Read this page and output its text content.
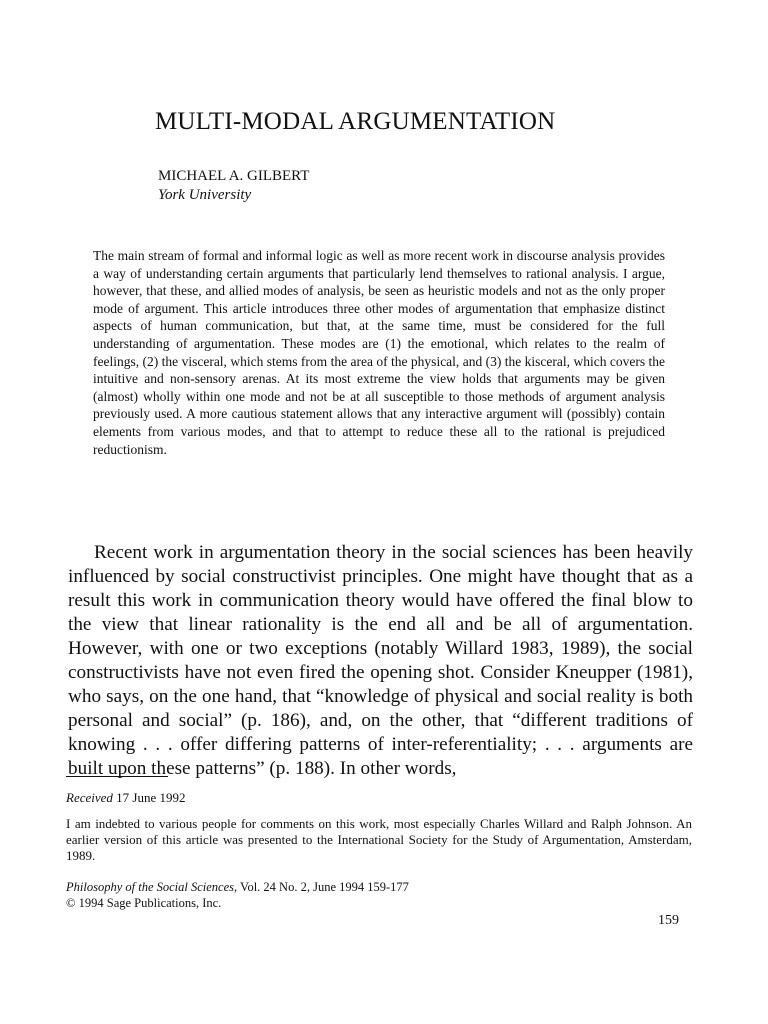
MULTI-MODAL ARGUMENTATION
MICHAEL A. GILBERT
York University

The main stream of formal and informal logic as well as more recent work in discourse analysis provides a way of understanding certain arguments that particularly lend themselves to rational analysis. I argue, however, that these, and allied modes of analysis, be seen as heuristic models and not as the only proper mode of argument. This article introduces three other modes of argumentation that emphasize distinct aspects of human communication, but that, at the same time, must be considered for the full understanding of argumentation. These modes are (1) the emotional, which relates to the realm of feelings, (2) the visceral, which stems from the area of the physical, and (3) the kisceral, which covers the intuitive and non-sensory arenas. At its most extreme the view holds that arguments may be given (almost) wholly within one mode and not be at all susceptible to those methods of argument analysis previously used. A more cautious statement allows that any interactive argument will (possibly) contain elements from various modes, and that to attempt to reduce these all to the rational is prejudiced reductionism.

Recent work in argumentation theory in the social sciences has been heavily influenced by social constructivist principles. One might have thought that as a result this work in communication theory would have offered the final blow to the view that linear rationality is the end all and be all of argumentation. However, with one or two exceptions (notably Willard 1983, 1989), the social constructivists have not even fired the opening shot. Consider Kneupper (1981), who says, on the one hand, that “knowledge of physical and social reality is both personal and social” (p. 186), and, on the other, that “different traditions of knowing . . . offer differing patterns of inter-referentiality; . . . arguments are built upon these patterns” (p. 188). In other words,

Received 17 June 1992

I am indebted to various people for comments on this work, most especially Charles Willard and Ralph Johnson. An earlier version of this article was presented to the International Society for the Study of Argumentation, Amsterdam, 1989.

Philosophy of the Social Sciences, Vol. 24 No. 2, June 1994 159-177
© 1994 Sage Publications, Inc.
159
